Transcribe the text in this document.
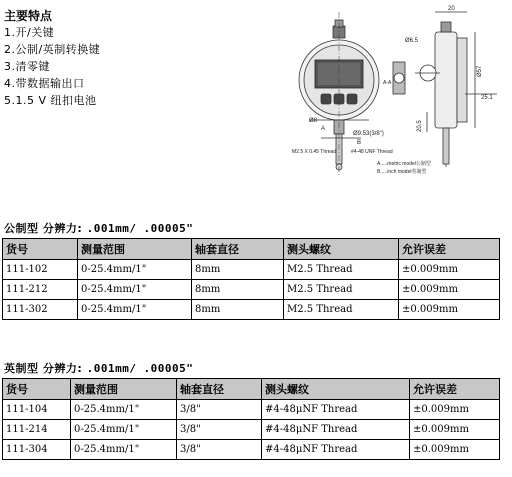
主要特点
1.开/关键
2.公制/英制转换键
3.清零键
4.带数据输出口
5.1.5 V 纽扣电池
20
Ø6.5
Ø57
25.1
20.5
Ø8
Ø9.53(3/8")
M2.5 X 0.45 Thread	#4-48 UNF Thread
A
B
A-A
A.....metric model公制型
B.....inch model英制型
公制型 分辨力: .001mm/ .00005"
货号	测量范围	轴套直径	测头螺纹	允许误差
111-102	0-25.4mm/1"	8mm	M2.5 Thread	±0.009mm
111-212	0-25.4mm/1"	8mm	M2.5 Thread	±0.009mm
111-302	0-25.4mm/1"	8mm	M2.5 Thread	±0.009mm
英制型 分辨力: .001mm/ .00005"
货号	测量范围	轴套直径	测头螺纹	允许误差
111-104	0-25.4mm/1"	3/8"	#4-48μNF Thread	±0.009mm
111-214	0-25.4mm/1"	3/8"	#4-48μNF Thread	±0.009mm
111-304	0-25.4mm/1"	3/8"	#4-48μNF Thread	±0.009mm
